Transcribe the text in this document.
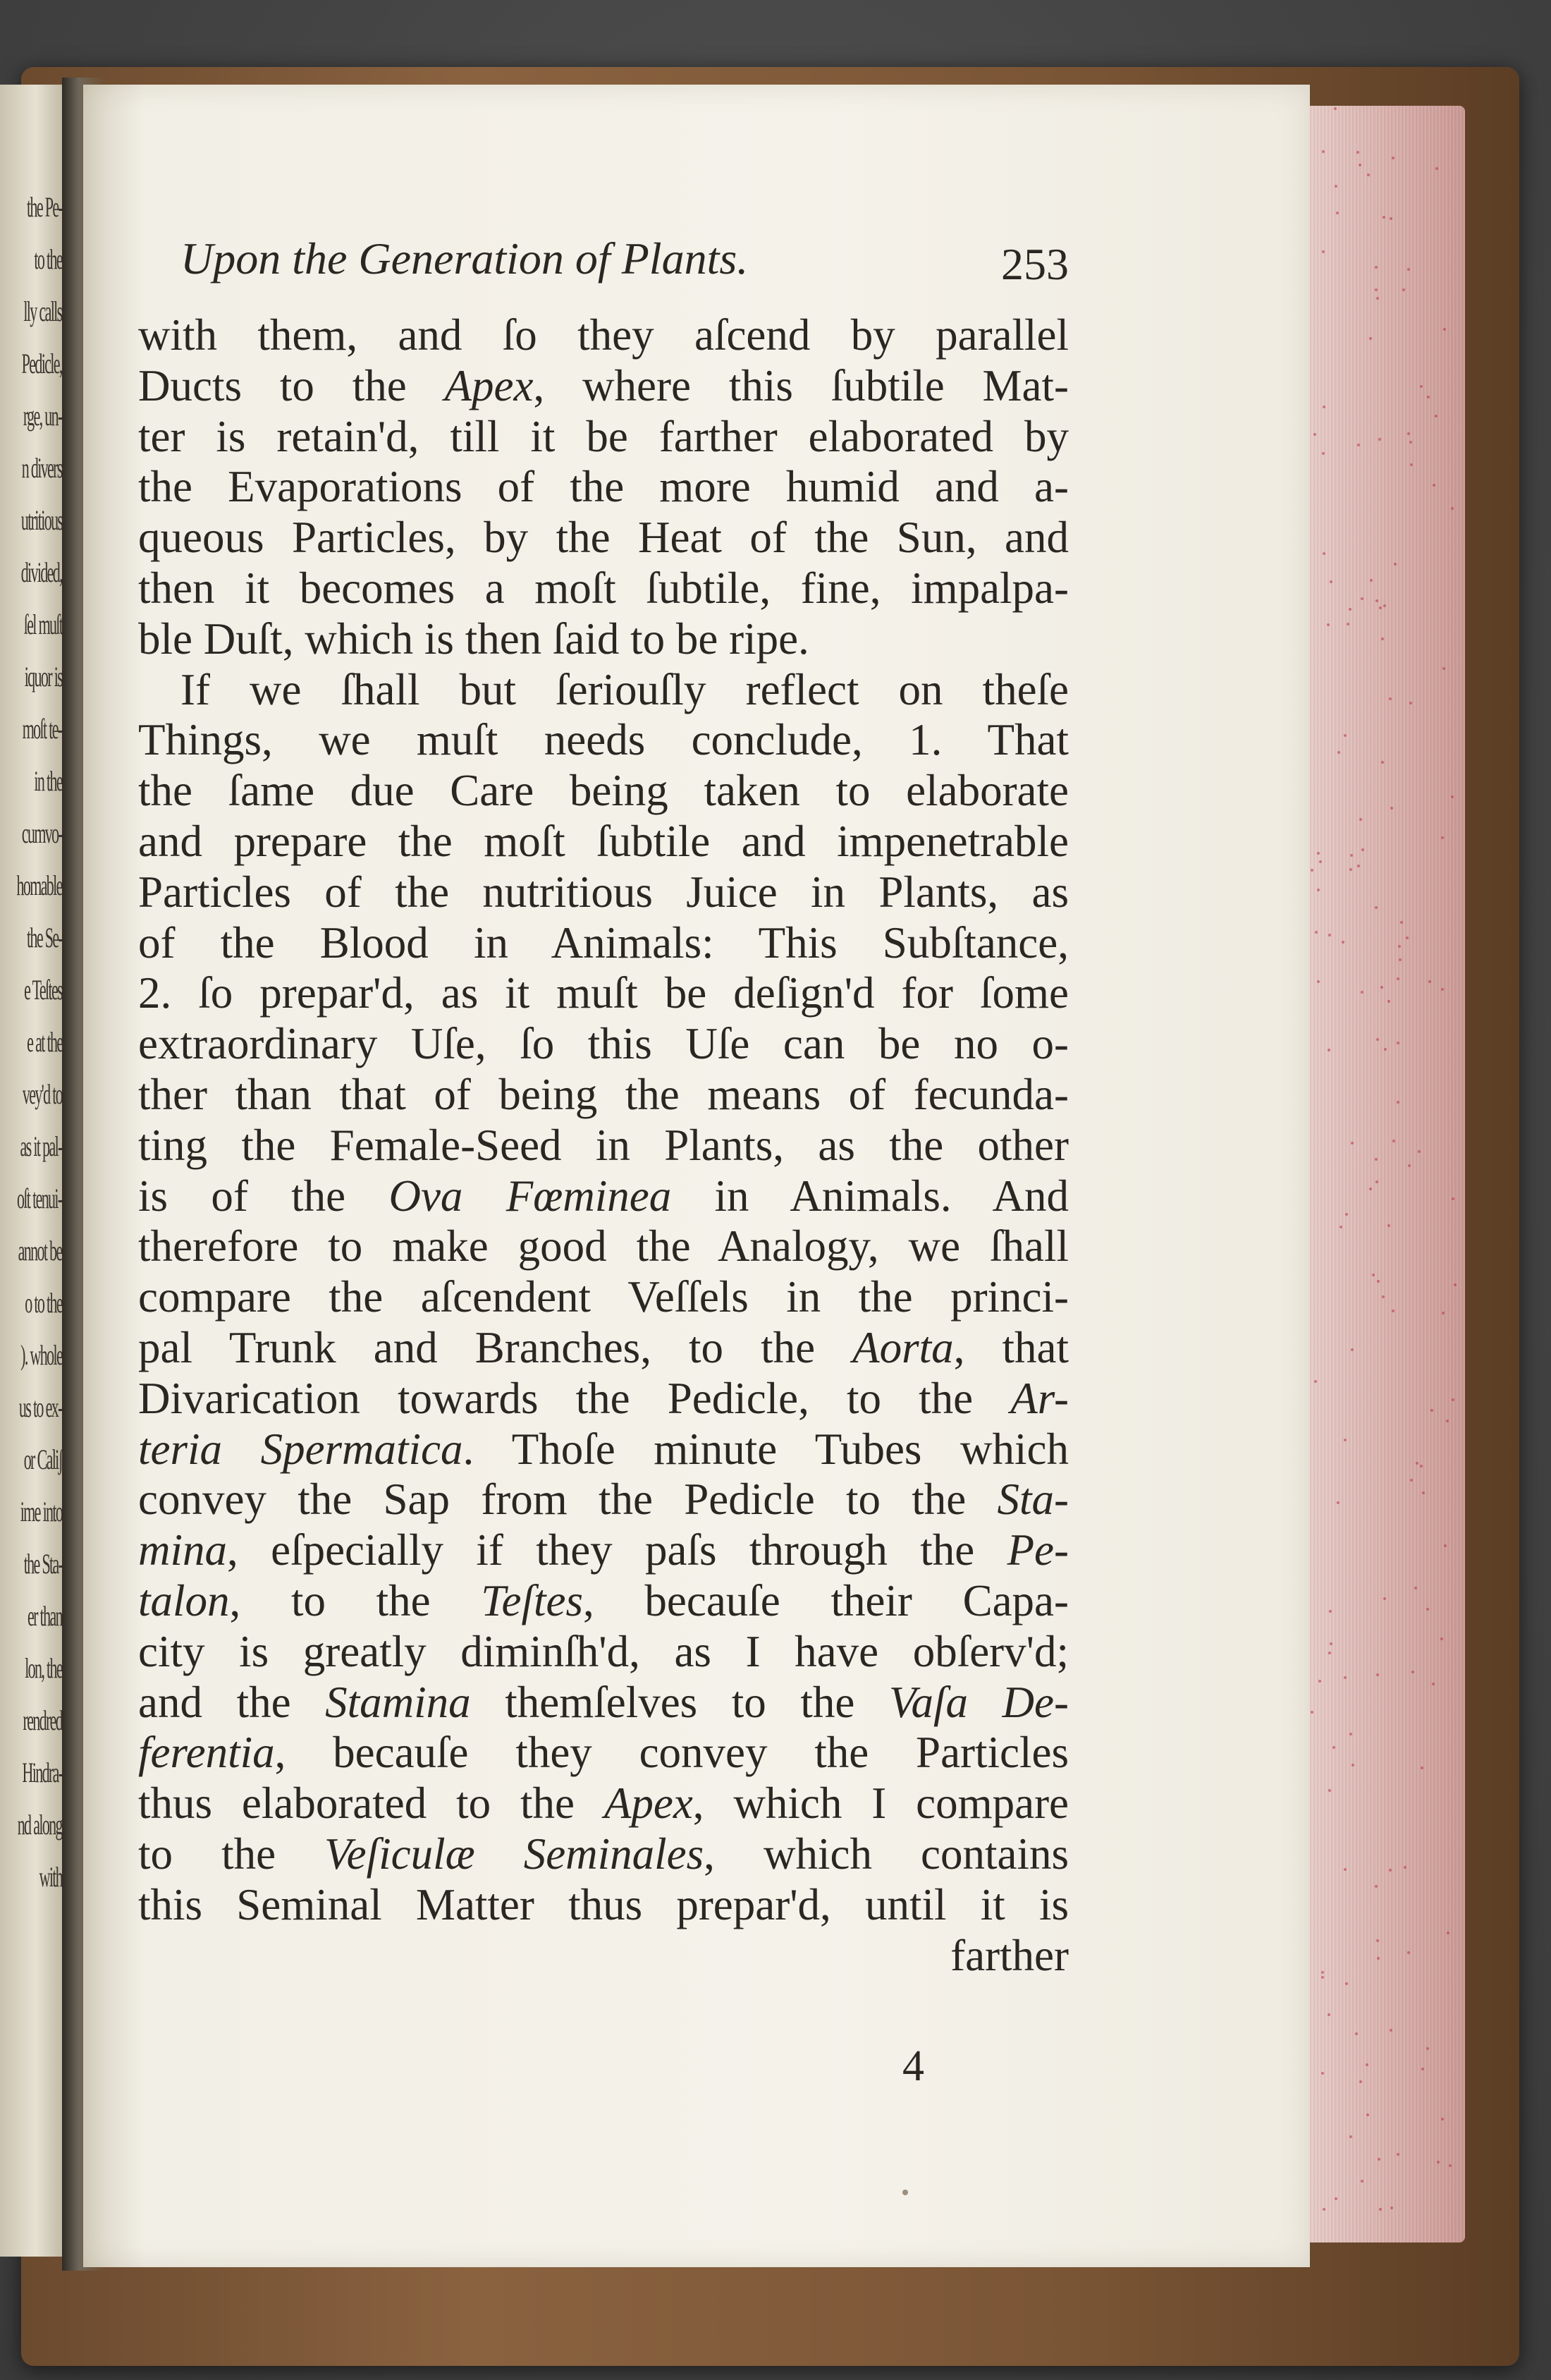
the Pe-
to the
lly calls
Pedicle,
rge, un-
n divers
utritious
divided,
ſel muſt
iquor is
moſt te-
in the
cumvo-
homable
the Se-
e Teſtes
e at the
vey'd to
as it pal-
oſt tenui-
annot be
o to the
). whole
us to ex-
or Caliʃ
ime into
the Sta-
er than
lon, the
rendred
Hindra-
nd along
with
Upon the Generation of Plants.	253
with them, and ſo they aſcend by parallel
Ducts to the Apex, where this ſubtile Mat-
ter is retain'd, till it be farther elaborated by
the Evaporations of the more humid and a-
queous Particles, by the Heat of the Sun, and
then it becomes a moſt ſubtile, fine, impalpa-
ble Duſt, which is then ſaid to be ripe.
If we ſhall but ſeriouſly reflect on theſe
Things, we muſt needs conclude, 1. That
the ſame due Care being taken to elaborate
and prepare the moſt ſubtile and impenetrable
Particles of the nutritious Juice in Plants, as
of the Blood in Animals: This Subſtance,
2. ſo prepar'd, as it muſt be deſign'd for ſome
extraordinary Uſe, ſo this Uſe can be no o-
ther than that of being the means of fecunda-
ting the Female-Seed in Plants, as the other
is of the Ova Fœminea in Animals. And
therefore to make good the Analogy, we ſhall
compare the aſcendent Veſſels in the princi-
pal Trunk and Branches, to the Aorta, that
Divarication towards the Pedicle, to the Ar-
teria Spermatica. Thoſe minute Tubes which
convey the Sap from the Pedicle to the Sta-
mina, eſpecially if they paſs through the Pe-
talon, to the Teſtes, becauſe their Capa-
city is greatly diminſh'd, as I have obſerv'd;
and the Stamina themſelves to the Vaſa De-
ferentia, becauſe they convey the Particles
thus elaborated to the Apex, which I compare
to the Veſiculæ Seminales, which contains
this Seminal Matter thus prepar'd, until it is
farther
4
